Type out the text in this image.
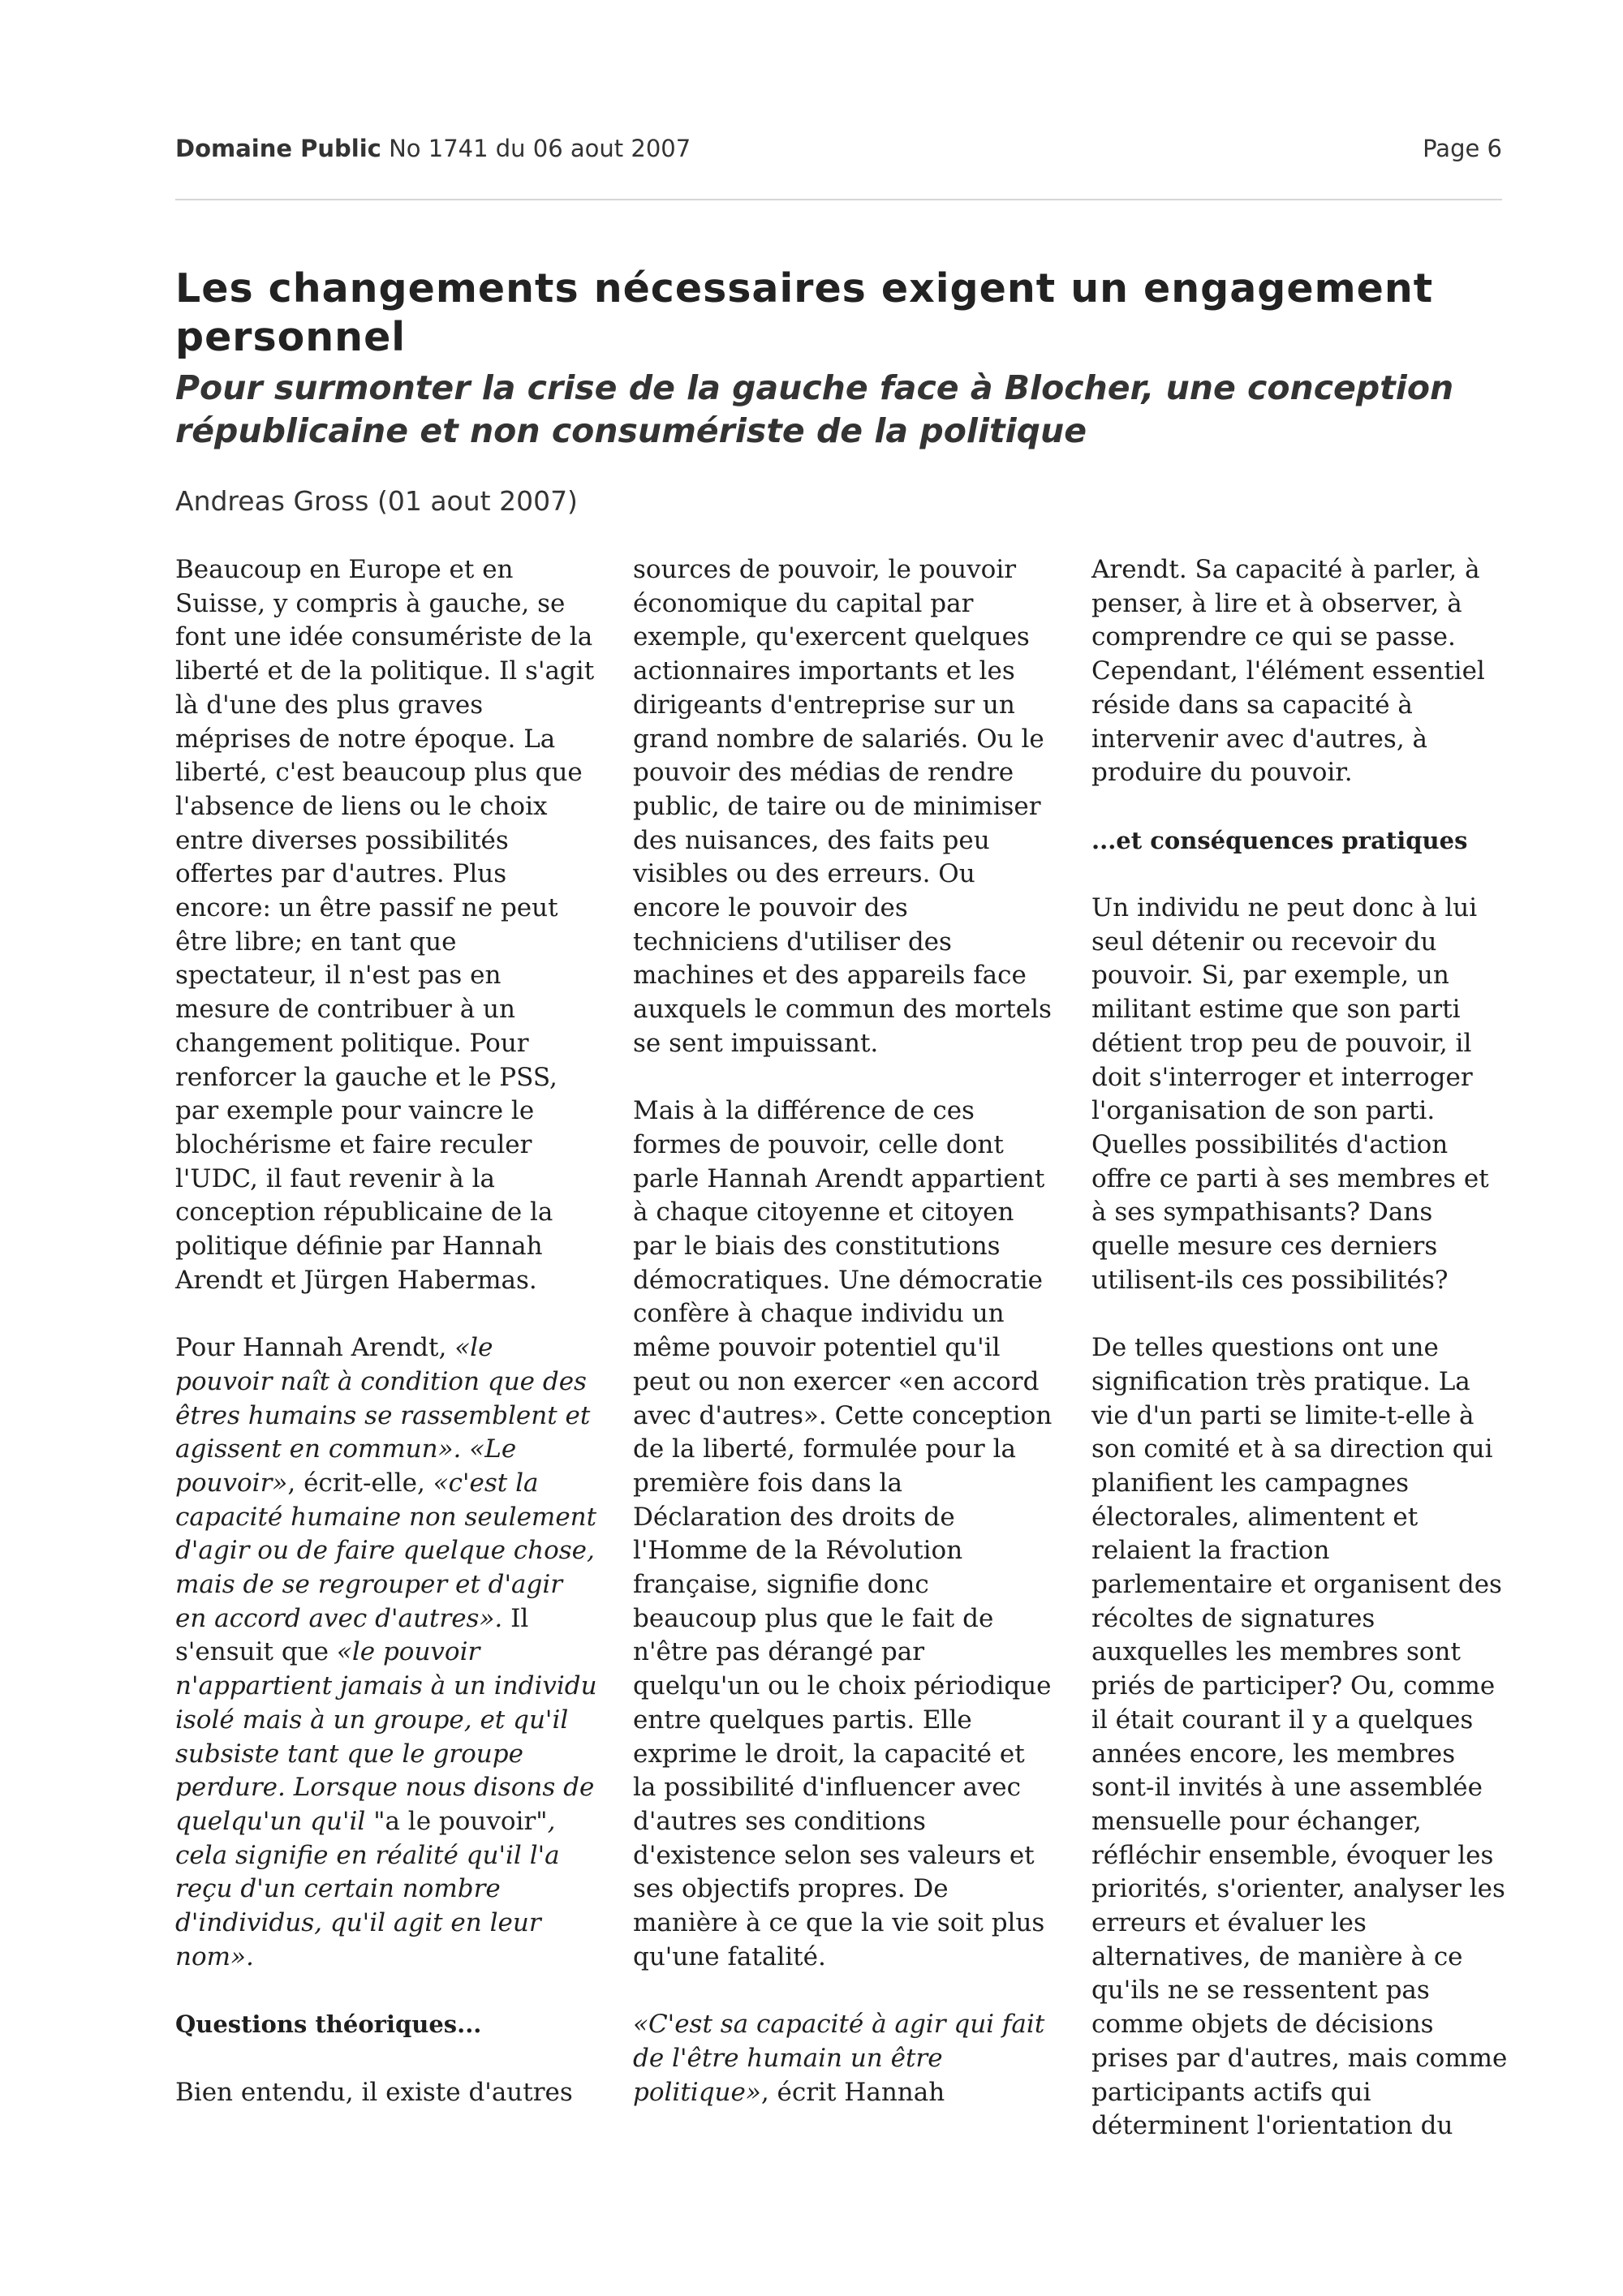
Domaine Public No 1741 du 06 aout 2007	Page 6
Les changements nécessaires exigent un engagement personnel
Pour surmonter la crise de la gauche face à Blocher, une conception républicaine et non consumériste de la politique
Andreas Gross (01 aout 2007)

Beaucoup en Europe et en Suisse, y compris à gauche, se font une idée consumériste de la liberté et de la politique. Il s'agit là d'une des plus graves méprises de notre époque. La liberté, c'est beaucoup plus que l'absence de liens ou le choix entre diverses possibilités offertes par d'autres. Plus encore: un être passif ne peut être libre; en tant que spectateur, il n'est pas en mesure de contribuer à un changement politique. Pour renforcer la gauche et le PSS, par exemple pour vaincre le blochérisme et faire reculer l'UDC, il faut revenir à la conception républicaine de la politique définie par Hannah Arendt et Jürgen Habermas.

Pour Hannah Arendt, «le pouvoir naît à condition que des êtres humains se rassemblent et agissent en commun». «Le pouvoir», écrit-elle, «c'est la capacité humaine non seulement d'agir ou de faire quelque chose, mais de se regrouper et d'agir en accord avec d'autres». Il s'ensuit que «le pouvoir n'appartient jamais à un individu isolé mais à un groupe, et qu'il subsiste tant que le groupe perdure. Lorsque nous disons de quelqu'un qu'il "a le pouvoir", cela signifie en réalité qu'il l'a reçu d'un certain nombre d'individus, qu'il agit en leur nom».

Questions théoriques...

Bien entendu, il existe d'autres

sources de pouvoir, le pouvoir économique du capital par exemple, qu'exercent quelques actionnaires importants et les dirigeants d'entreprise sur un grand nombre de salariés. Ou le pouvoir des médias de rendre public, de taire ou de minimiser des nuisances, des faits peu visibles ou des erreurs. Ou encore le pouvoir des techniciens d'utiliser des machines et des appareils face auxquels le commun des mortels se sent impuissant.

Mais à la différence de ces formes de pouvoir, celle dont parle Hannah Arendt appartient à chaque citoyenne et citoyen par le biais des constitutions démocratiques. Une démocratie confère à chaque individu un même pouvoir potentiel qu'il peut ou non exercer «en accord avec d'autres». Cette conception de la liberté, formulée pour la première fois dans la Déclaration des droits de l'Homme de la Révolution française, signifie donc beaucoup plus que le fait de n'être pas dérangé par quelqu'un ou le choix périodique entre quelques partis. Elle exprime le droit, la capacité et la possibilité d'influencer avec d'autres ses conditions d'existence selon ses valeurs et ses objectifs propres. De manière à ce que la vie soit plus qu'une fatalité.

«C'est sa capacité à agir qui fait de l'être humain un être politique», écrit Hannah

Arendt. Sa capacité à parler, à penser, à lire et à observer, à comprendre ce qui se passe. Cependant, l'élément essentiel réside dans sa capacité à intervenir avec d'autres, à produire du pouvoir.

...et conséquences pratiques

Un individu ne peut donc à lui seul détenir ou recevoir du pouvoir. Si, par exemple, un militant estime que son parti détient trop peu de pouvoir, il doit s'interroger et interroger l'organisation de son parti. Quelles possibilités d'action offre ce parti à ses membres et à ses sympathisants? Dans quelle mesure ces derniers utilisent-ils ces possibilités?

De telles questions ont une signification très pratique. La vie d'un parti se limite-t-elle à son comité et à sa direction qui planifient les campagnes électorales, alimentent et relaient la fraction parlementaire et organisent des récoltes de signatures auxquelles les membres sont priés de participer? Ou, comme il était courant il y a quelques années encore, les membres sont-il invités à une assemblée mensuelle pour échanger, réfléchir ensemble, évoquer les priorités, s'orienter, analyser les erreurs et évaluer les alternatives, de manière à ce qu'ils ne se ressentent pas comme objets de décisions prises par d'autres, mais comme participants actifs qui déterminent l'orientation du
